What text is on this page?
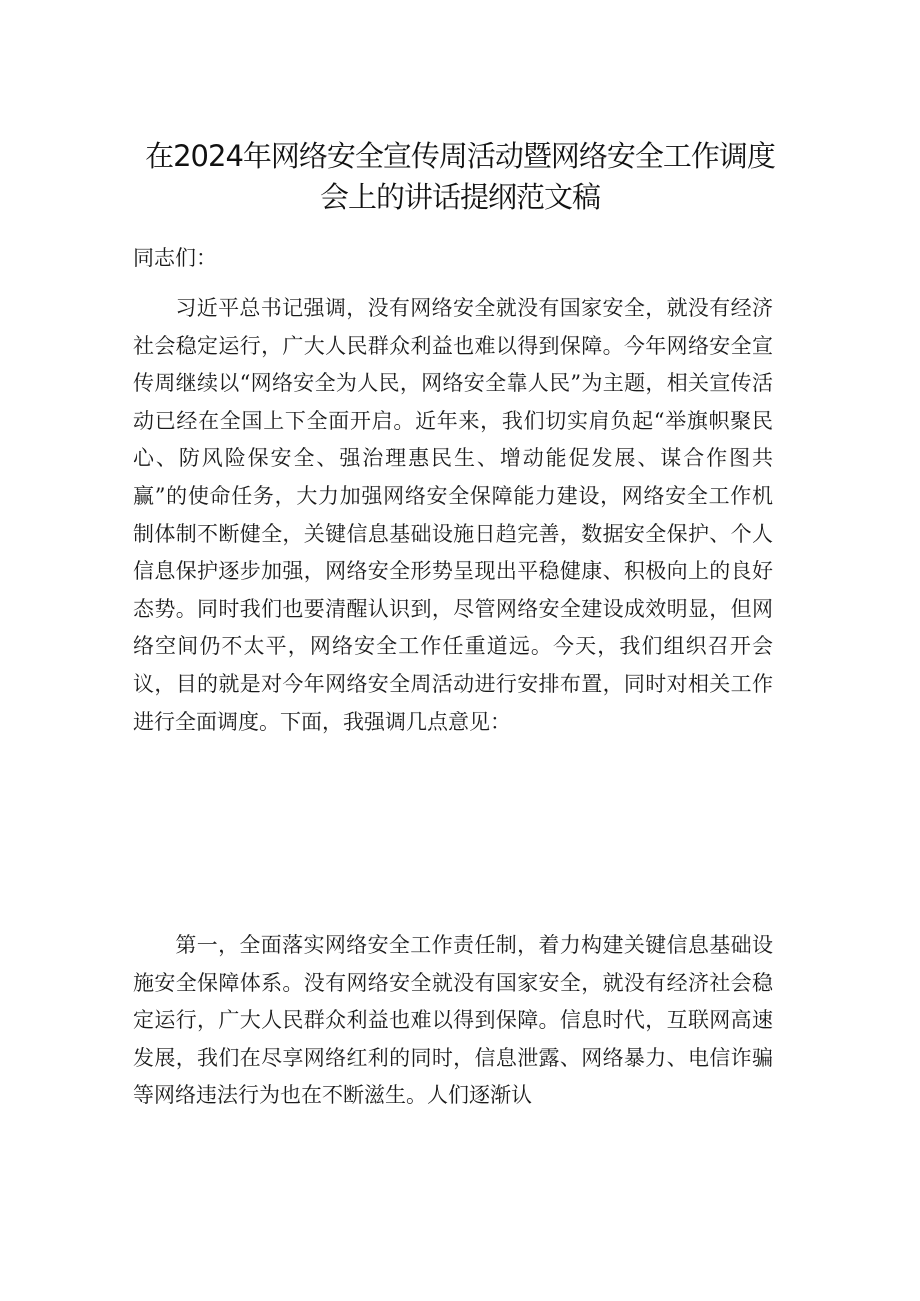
在2024年网络安全宣传周活动暨网络安全工作调度
会上的讲话提纲范文稿
同志们：

习近平总书记强调，没有网络安全就没有国家安全，就没有经济社会稳定运行，广大人民群众利益也难以得到保障。今年网络安全宣传周继续以“网络安全为人民，网络安全靠人民”为主题，相关宣传活动已经在全国上下全面开启。近年来，我们切实肩负起“举旗帜聚民心、防风险保安全、强治理惠民生、增动能促发展、谋合作图共赢”的使命任务，大力加强网络安全保障能力建设，网络安全工作机制体制不断健全，关键信息基础设施日趋完善，数据安全保护、个人信息保护逐步加强，网络安全形势呈现出平稳健康、积极向上的良好态势。同时我们也要清醒认识到，尽管网络安全建设成效明显，但网络空间仍不太平，网络安全工作任重道远。今天，我们组织召开会议，目的就是对今年网络安全周活动进行安排布置，同时对相关工作进行全面调度。下面，我强调几点意见：

第一，全面落实网络安全工作责任制，着力构建关键信息基础设施安全保障体系。没有网络安全就没有国家安全，就没有经济社会稳定运行，广大人民群众利益也难以得到保障。信息时代，互联网高速发展，我们在尽享网络红利的同时，信息泄露、网络暴力、电信诈骗等网络违法行为也在不断滋生。人们逐渐认
